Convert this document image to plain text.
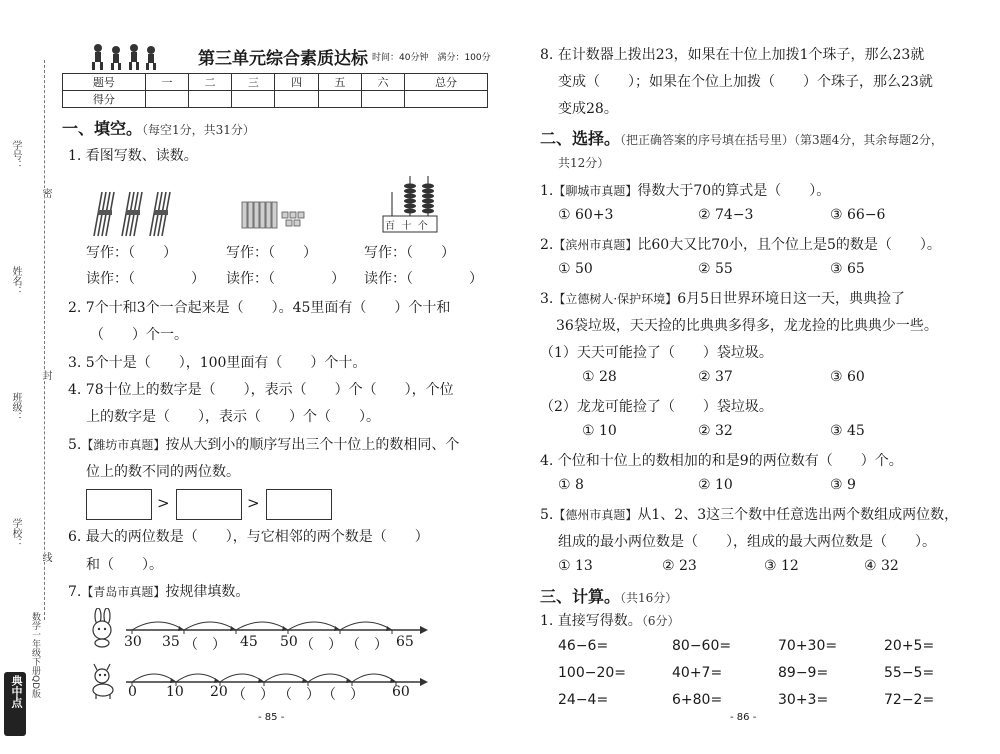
学号：
姓名：
班级：
学校：
密
封
线
典中点 数学一年级下册QD版
第三单元综合素质达标 时间：40分钟　满分：100分
题号	一	二	三	四	五	六	总分
得分							
一、填空。（每空1分，共31分）
1. 看图写数、读数。
百 十 个
写作：（　　）	写作：（　　）	写作：（　　）
读作：（　　　　） 读作：（　　　　） 读作：（　　　　）
2. 7个十和3个一合起来是（　　）。45里面有（　　）个十和
（　　）个一。
3. 5个十是（　　），100里面有（　　）个十。
4. 78十位上的数字是（　　），表示（　　）个（　　），个位
上的数字是（　　），表示（　　）个（　　）。
5.【潍坊市真题】按从大到小的顺序写出三个十位上的数相同、个
位上的数不同的两位数。
>	>
6. 最大的两位数是（　　），与它相邻的两个数是（　　）
和（　　）。
7.【青岛市真题】按规律填数。
30 35 （　） 45 50 （　） （　） 65
0 10 20 （　） （　） （　） 60
- 85 -
8. 在计数器上拨出23，如果在十位上加拨1个珠子，那么23就
变成（　　）；如果在个位上加拨（　　）个珠子，那么23就
变成28。
二、选择。（把正确答案的序号填在括号里）（第3题4分，其余每题2分，
共12分）
1.【聊城市真题】得数大于70的算式是（　　）。
① 60+3	② 74−3	③ 66−6
2.【滨州市真题】比60大又比70小，且个位上是5的数是（　　）。
① 50	② 55	③ 65
3.【立德树人·保护环境】6月5日世界环境日这一天，典典捡了
36袋垃圾，天天捡的比典典多得多，龙龙捡的比典典少一些。
（1）天天可能捡了（　　）袋垃圾。
① 28	② 37	③ 60
（2）龙龙可能捡了（　　）袋垃圾。
① 10	② 32	③ 45
4. 个位和十位上的数相加的和是9的两位数有（　　）个。
① 8	② 10	③ 9
5.【德州市真题】从1、2、3这三个数中任意选出两个数组成两位数，
组成的最小两位数是（　　），组成的最大两位数是（　　）。
① 13	② 23	③ 12	④ 32
三、计算。（共16分）
1. 直接写得数。（6分）
46−6=	80−60=	70+30=	20+5=
100−20=	40+7=	89−9=	55−5=
24−4=	6+80=	30+3=	72−2=
- 86 -
